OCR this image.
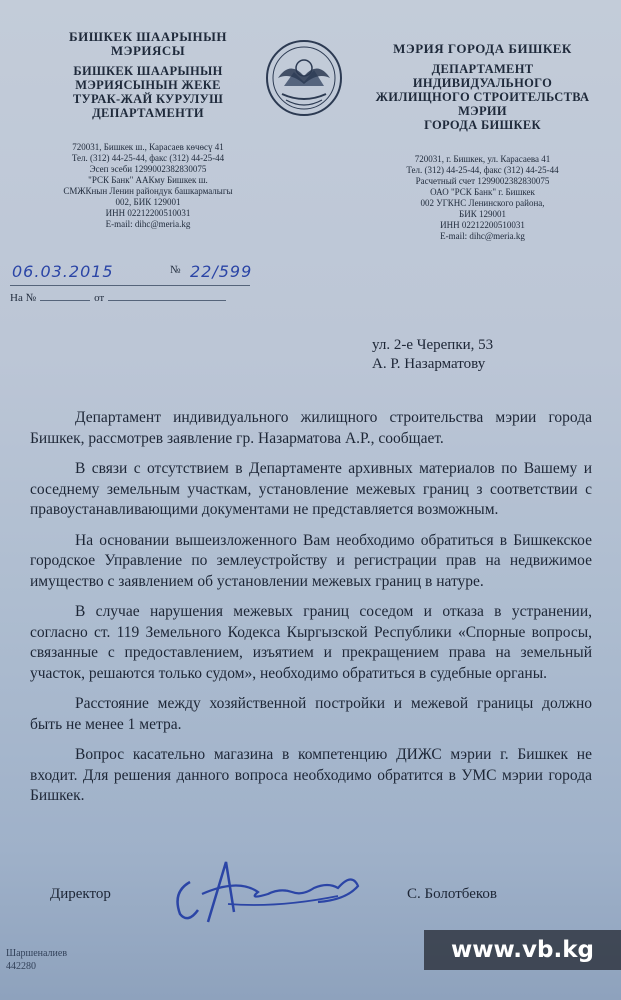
БИШКЕК ШААРЫНЫН
МЭРИЯСЫ
БИШКЕК ШААРЫНЫН
МЭРИЯСЫНЫН ЖЕКЕ
ТУРАК-ЖАЙ КУРУЛУШ
ДЕПАРТАМЕНТИ
720031, Бишкек ш., Карасаев көчөсү 41
Тел. (312) 44-25-44, факс (312) 44-25-44
Эсеп эсеби 1299002382830075
"РСК Банк" ААКму Бишкек ш.
СМЖКнын Ленин райондук башкармалыгы
002, БИК 129001
ИНН 02212200510031
E-mail: dihc@meria.kg
МЭРИЯ ГОРОДА БИШКЕК
ДЕПАРТАМЕНТ
ИНДИВИДУАЛЬНОГО
ЖИЛИЩНОГО СТРОИТЕЛЬСТВА
МЭРИИ
ГОРОДА БИШКЕК
720031, г. Бишкек, ул. Карасаева 41
Тел. (312) 44-25-44, факс (312) 44-25-44
Расчетный счет 1299002382830075
ОАО "РСК Банк" г. Бишкек
002 УГКНС Ленинского района,
БИК 129001
ИНН 02212200510031
E-mail: dihc@meria.kg
06.03.2015	№ 22/599
На №	от
ул. 2-е Черепки, 53
А. Р. Назарматову

Департамент индивидуального жилищного строительства мэрии города Бишкек, рассмотрев заявление гр. Назарматова А.Р., сообщает.

В связи с отсутствием в Департаменте архивных материалов по Вашему и соседнему земельным участкам, установление межевых границ з соответствии с правоустанавливающими документами не представляется возможным.

На основании вышеизложенного Вам необходимо обратиться в Бишкекское городское Управление по землеустройству и регистрации прав на недвижимое имущество с заявлением об установлении межевых границ в натуре.

В случае нарушения межевых границ соседом и отказа в устранении, согласно ст. 119 Земельного Кодекса Кыргызской Республики «Спорные вопросы, связанные с предоставлением, изъятием и прекращением права на земельный участок, решаются только судом», необходимо обратиться в судебные органы.

Расстояние между хозяйственной постройки и межевой границы должно быть не менее 1 метра.

Вопрос касательно магазина в компетенцию ДИЖС мэрии г. Бишкек не входит. Для решения данного вопроса необходимо обратится в УМС мэрии города Бишкек.

Директор	С. Болотбеков
Шаршеналиев
442280
www.vb.kg
